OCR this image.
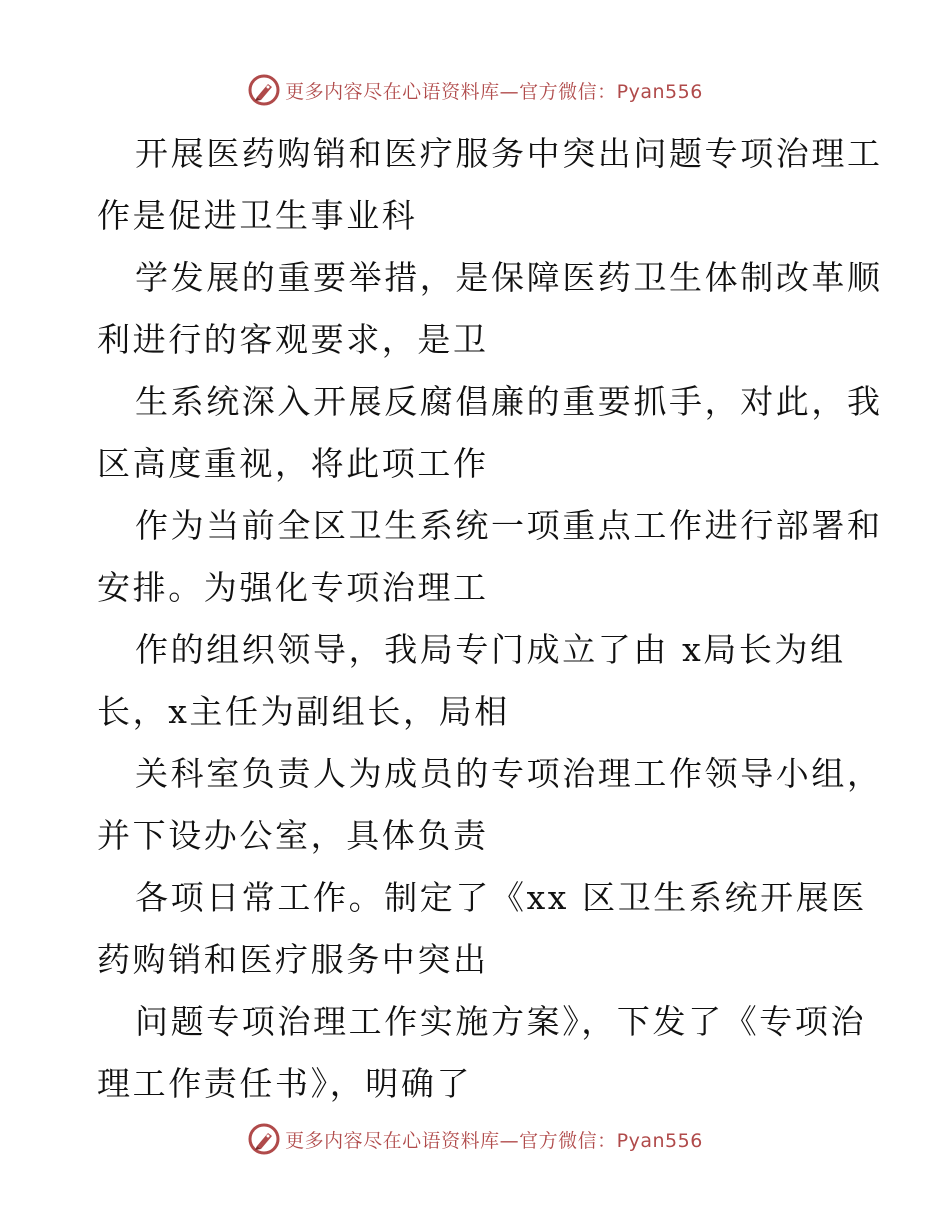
更多内容尽在心语资料库—官方微信：Pyan556
开展医药购销和医疗服务中突出问题专项治理工
作是促进卫生事业科
学发展的重要举措，是保障医药卫生体制改革顺
利进行的客观要求，是卫
生系统深入开展反腐倡廉的重要抓手，对此，我
区高度重视，将此项工作
作为当前全区卫生系统一项重点工作进行部署和
安排。为强化专项治理工
作的组织领导，我局专门成立了由 x局长为组
长，x主任为副组长，局相
关科室负责人为成员的专项治理工作领导小组，
并下设办公室，具体负责
各项日常工作。制定了《xx 区卫生系统开展医
药购销和医疗服务中突出
问题专项治理工作实施方案》，下发了《专项治
理工作责任书》，明确了
更多内容尽在心语资料库—官方微信：Pyan556
